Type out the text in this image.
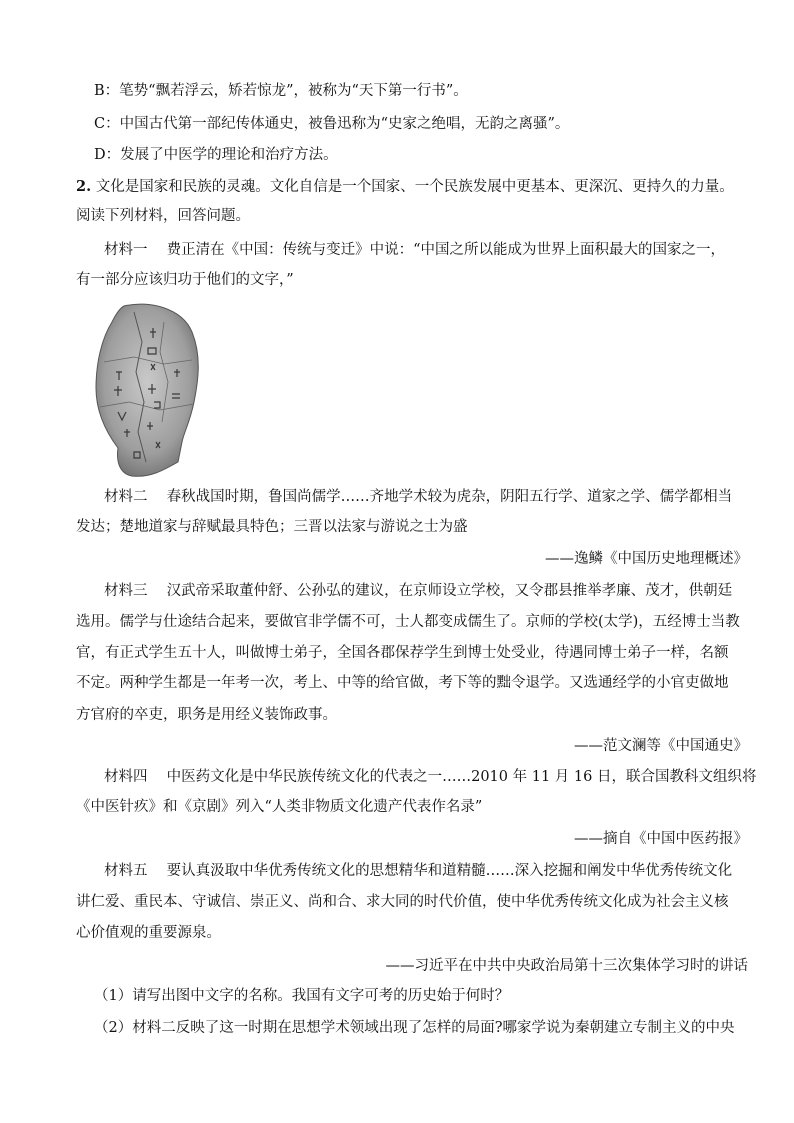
B：笔势“飘若浮云，矫若惊龙”，被称为“天下第一行书”。
C：中国古代第一部纪传体通史，被鲁迅称为“史家之绝唱，无韵之离骚”。
D：发展了中医学的理论和治疗方法。
2. 文化是国家和民族的灵魂。文化自信是一个国家、一个民族发展中更基本、更深沉、更持久的力量。
阅读下列材料，回答问题。
材料一　 费正清在《中国：传统与变迁》中说：“中国之所以能成为世界上面积最大的国家之一，
有一部分应该归功于他们的文字，”
材料二　 春秋战国时期，鲁国尚儒学……齐地学术较为虎杂，阴阳五行学、道家之学、儒学都相当
发达；楚地道家与辞赋最具特色；三晋以法家与游说之士为盛
——逸鳞《中国历史地理概述》
材料三　 汉武帝采取董仲舒、公孙弘的建议，在京师设立学校，又令郡县推举孝廉、茂才，供朝廷
选用。儒学与仕途结合起来，要做官非学儒不可，士人都变成儒生了。京师的学校(太学)，五经博士当教
官，有正式学生五十人，叫做博士弟子，全国各郡保荐学生到博士处受业，待遇同博士弟子一样，名额
不定。两种学生都是一年考一次，考上、中等的给官做，考下等的黜令退学。又选通经学的小官吏做地
方官府的卒吏，职务是用经义装饰政事。
——范文澜等《中国通史》
材料四　 中医药文化是中华民族传统文化的代表之一……2010 年 11 月 16 日，联合国教科文组织将
《中医针疚》和《京剧》列入“人类非物质文化遗产代表作名录”
——摘自《中国中医药报》
材料五　 要认真汲取中华优秀传统文化的思想精华和道精髓……深入挖掘和阐发中华优秀传统文化
讲仁爱、重民本、守诚信、崇正义、尚和合、求大同的时代价值，使中华优秀传统文化成为社会主义核
心价值观的重要源泉。
——习近平在中共中央政治局第十三次集体学习时的讲话
（1）请写出图中文字的名称。我国有文字可考的历史始于何时？
（2）材料二反映了这一时期在思想学术领域出现了怎样的局面?哪家学说为秦朝建立专制主义的中央
